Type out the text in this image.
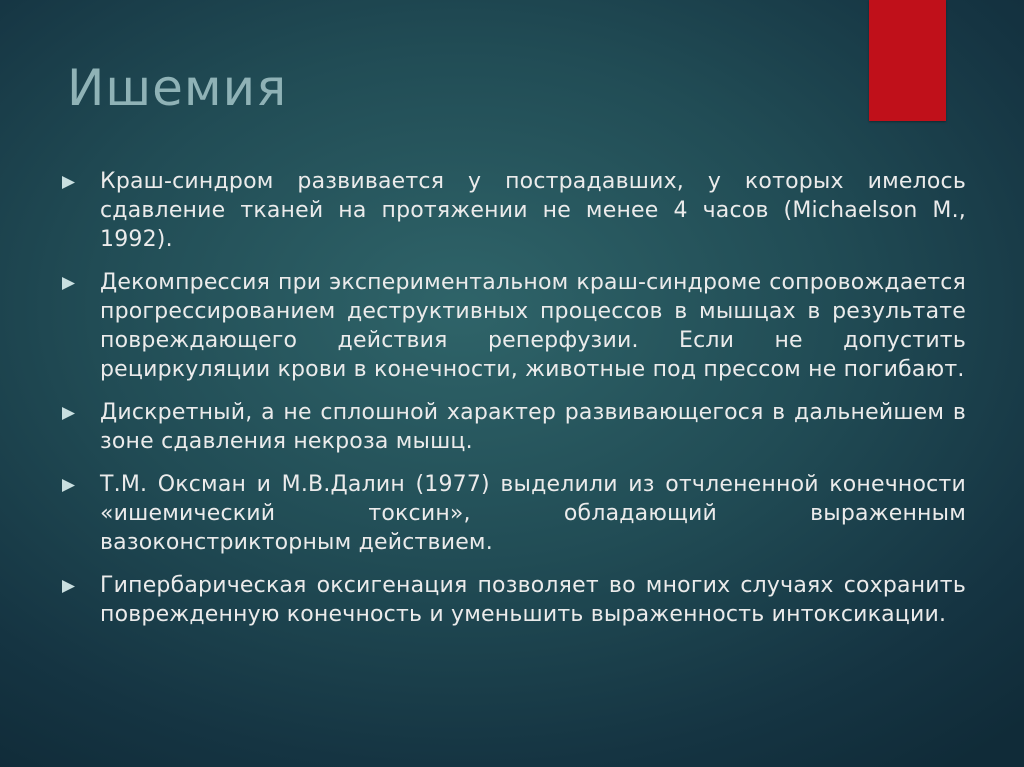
Ишемия
Краш-синдром развивается у пострадавших, у которых имелось сдавление тканей на протяжении не менее 4 часов (Michaelson M., 1992).
Декомпрессия при экспериментальном краш-синдроме сопровождается прогрессированием деструктивных процессов в мышцах в результате повреждающего действия реперфузии. Если не допустить рециркуляции крови в конечности, животные под прессом не погибают.
Дискретный, а не сплошной характер развивающегося в дальнейшем в зоне сдавления некроза мышц.
Т.М. Оксман и М.В.Далин (1977) выделили из отчлененной конечности «ишемический токсин», обладающий выраженным вазоконстрикторным действием.
Гипербарическая оксигенация позволяет во многих случаях сохранить поврежденную конечность и уменьшить выраженность интоксикации.
